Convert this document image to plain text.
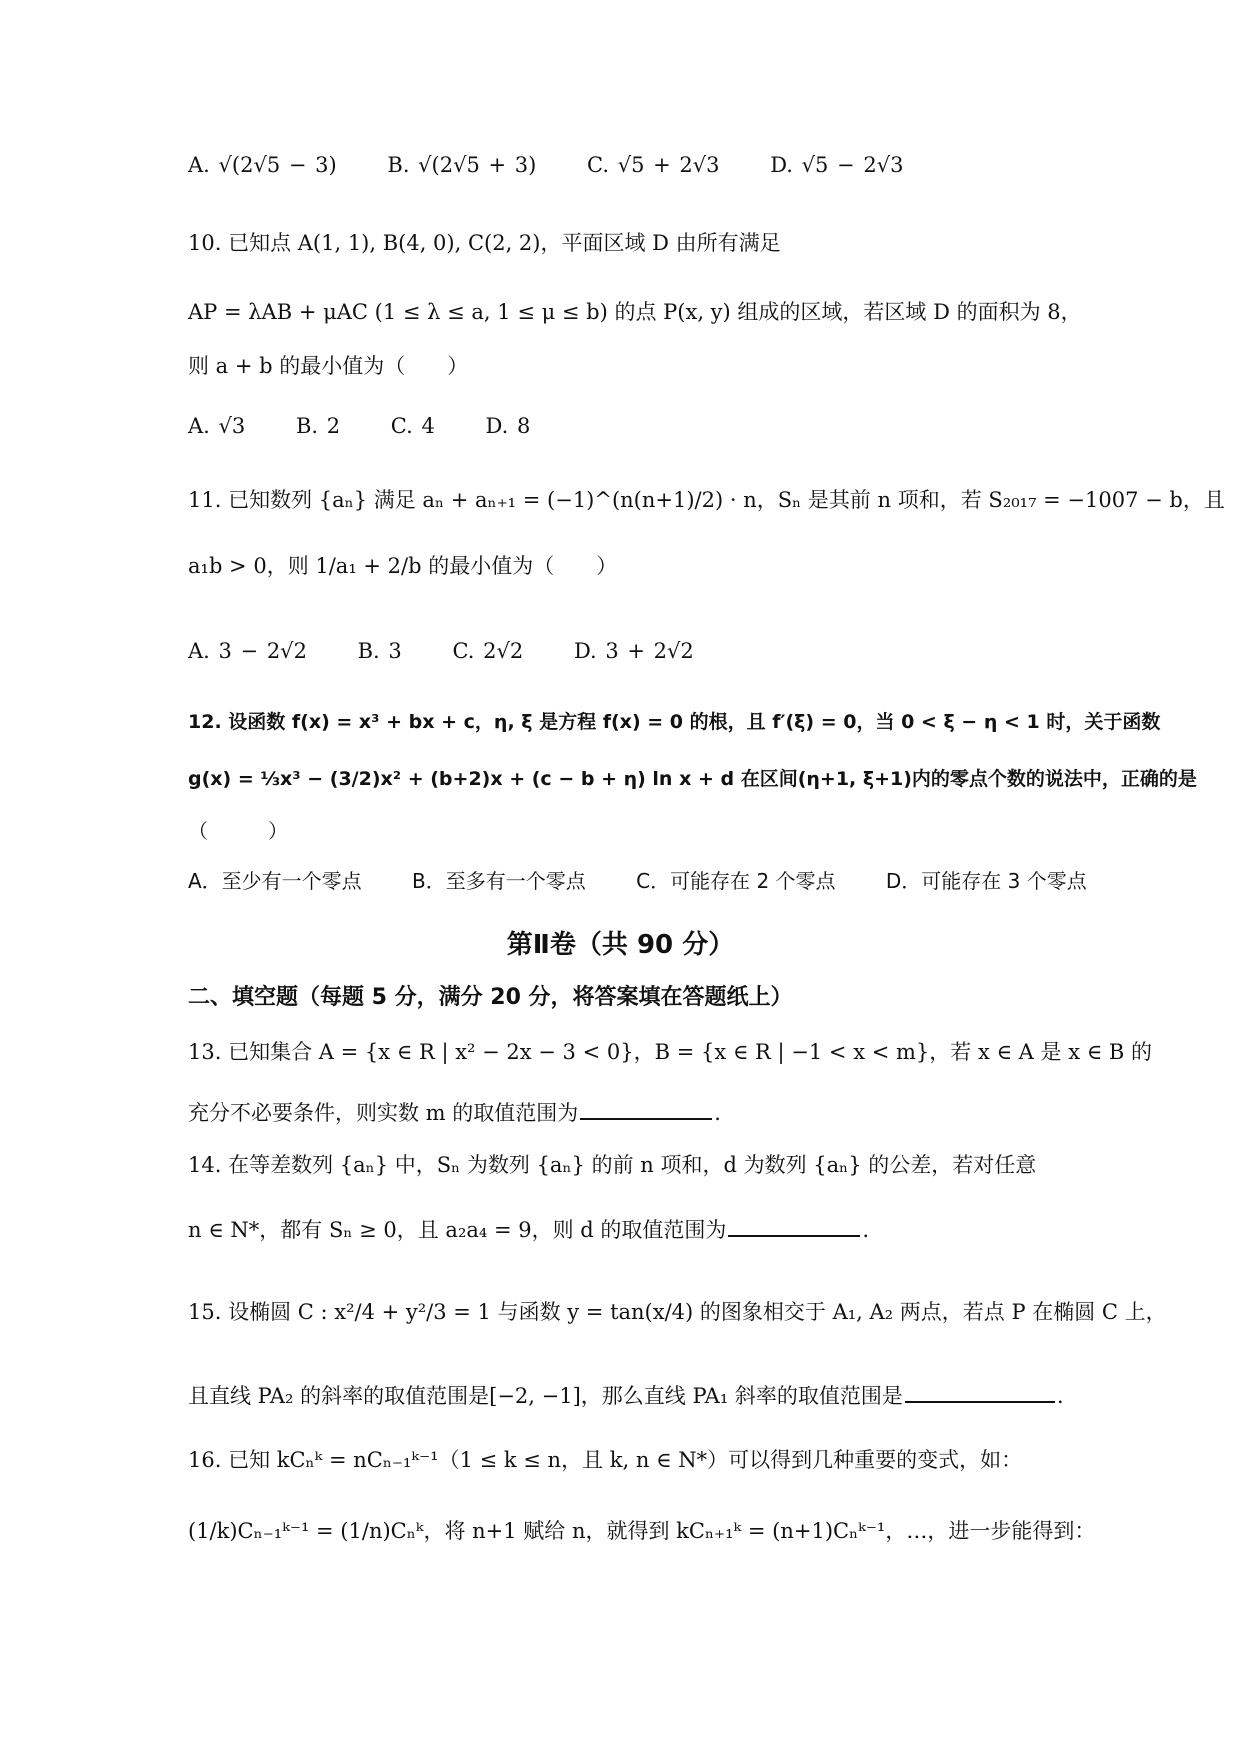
A. √(2√5 − 3) B. √(2√5 + 3) C. √5 + 2√3 D. √5 − 2√3
10. 已知点 A(1, 1), B(4, 0), C(2, 2)，平面区域 D 由所有满足
AP = λAB + μAC (1 ≤ λ ≤ a, 1 ≤ μ ≤ b) 的点 P(x, y) 组成的区域，若区域 D 的面积为 8，
则 a + b 的最小值为（　　）
A. √3 B. 2 C. 4 D. 8
11. 已知数列 {aₙ} 满足 aₙ + aₙ₊₁ = (−1)^(n(n+1)/2) · n，Sₙ 是其前 n 项和，若 S₂₀₁₇ = −1007 − b，且
a₁b > 0，则 1/a₁ + 2/b 的最小值为（　　）
A. 3 − 2√2 B. 3 C. 2√2 D. 3 + 2√2
12. 设函数 f(x) = x³ + bx + c，η, ξ 是方程 f(x) = 0 的根，且 f′(ξ) = 0，当 0 < ξ − η < 1 时，关于函数
g(x) = ⅓x³ − (3/2)x² + (b+2)x + (c − b + η) ln x + d 在区间(η+1, ξ+1)内的零点个数的说法中，正确的是
（　　　）
A．至少有一个零点	B．至多有一个零点	C．可能存在 2 个零点	D．可能存在 3 个零点
第Ⅱ卷（共 90 分）
二、填空题（每题 5 分，满分 20 分，将答案填在答题纸上）
13. 已知集合 A = {x ∈ R | x² − 2x − 3 < 0}，B = {x ∈ R | −1 < x < m}，若 x ∈ A 是 x ∈ B 的
充分不必要条件，则实数 m 的取值范围为	.
14. 在等差数列 {aₙ} 中，Sₙ 为数列 {aₙ} 的前 n 项和，d 为数列 {aₙ} 的公差，若对任意
n ∈ N*，都有 Sₙ ≥ 0，且 a₂a₄ = 9，则 d 的取值范围为	.
15. 设椭圆 C : x²/4 + y²/3 = 1 与函数 y = tan(x/4) 的图象相交于 A₁, A₂ 两点，若点 P 在椭圆 C 上，
且直线 PA₂ 的斜率的取值范围是[−2, −1]，那么直线 PA₁ 斜率的取值范围是	.
16. 已知 kCₙᵏ = nCₙ₋₁ᵏ⁻¹（1 ≤ k ≤ n，且 k, n ∈ N*）可以得到几种重要的变式，如：
(1/k)Cₙ₋₁ᵏ⁻¹ = (1/n)Cₙᵏ，将 n+1 赋给 n，就得到 kCₙ₊₁ᵏ = (n+1)Cₙᵏ⁻¹，…，进一步能得到：
